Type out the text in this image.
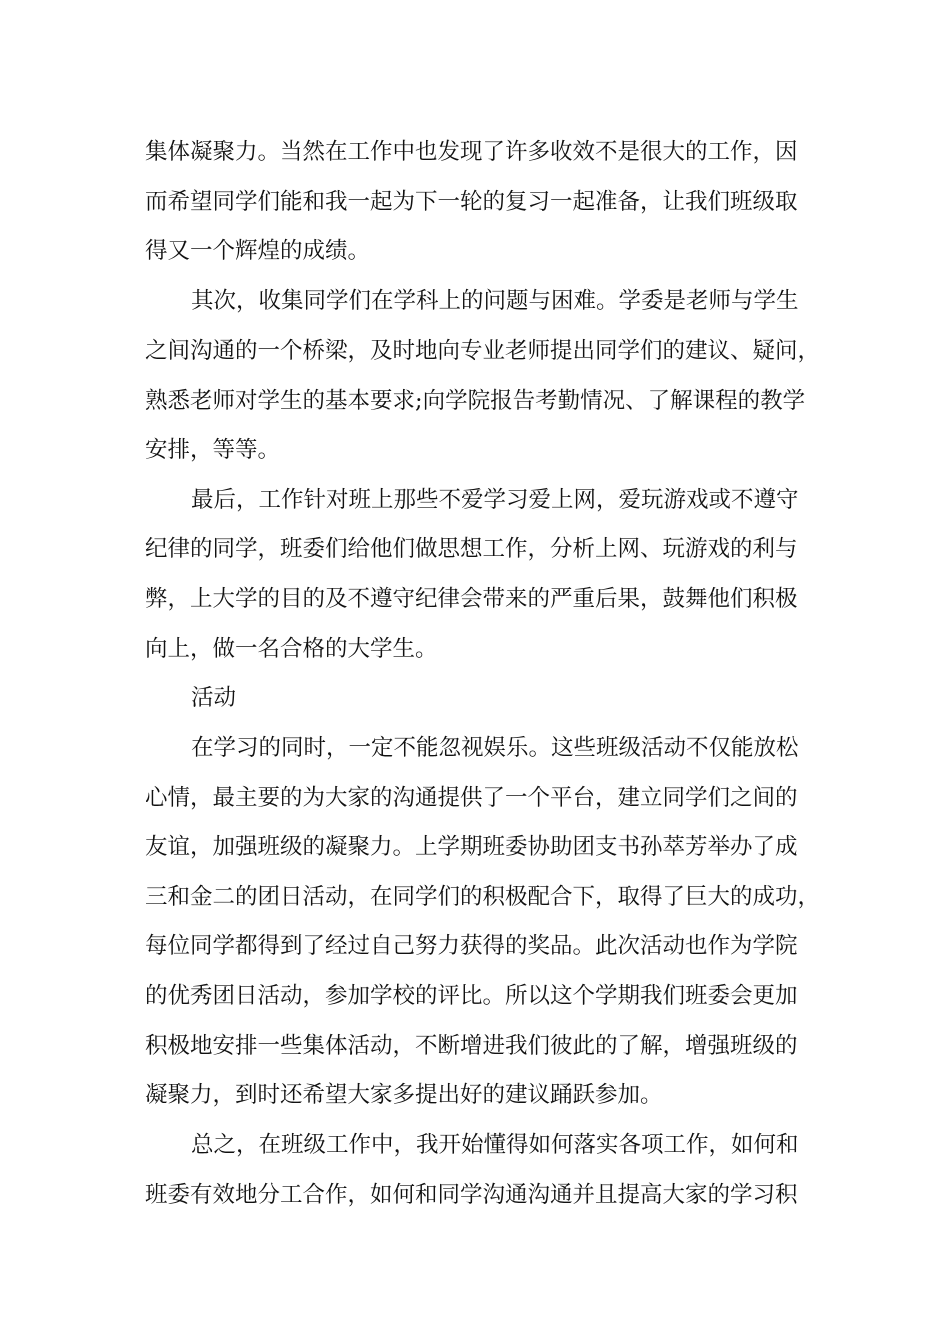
集体凝聚力。当然在工作中也发现了许多收效不是很大的工作，因
而希望同学们能和我一起为下一轮的复习一起准备，让我们班级取
得又一个辉煌的成绩。
其次，收集同学们在学科上的问题与困难。学委是老师与学生
之间沟通的一个桥梁，及时地向专业老师提出同学们的建议、疑问，
熟悉老师对学生的基本要求;向学院报告考勤情况、了解课程的教学
安排，等等。
最后，工作针对班上那些不爱学习爱上网，爱玩游戏或不遵守
纪律的同学，班委们给他们做思想工作，分析上网、玩游戏的利与
弊，上大学的目的及不遵守纪律会带来的严重后果，鼓舞他们积极
向上，做一名合格的大学生。
活动
在学习的同时，一定不能忽视娱乐。这些班级活动不仅能放松
心情，最主要的为大家的沟通提供了一个平台，建立同学们之间的
友谊，加强班级的凝聚力。上学期班委协助团支书孙萃芳举办了成
三和金二的团日活动，在同学们的积极配合下，取得了巨大的成功，
每位同学都得到了经过自己努力获得的奖品。此次活动也作为学院
的优秀团日活动，参加学校的评比。所以这个学期我们班委会更加
积极地安排一些集体活动，不断增进我们彼此的了解，增强班级的
凝聚力，到时还希望大家多提出好的建议踊跃参加。
总之，在班级工作中，我开始懂得如何落实各项工作，如何和
班委有效地分工合作，如何和同学沟通沟通并且提高大家的学习积
